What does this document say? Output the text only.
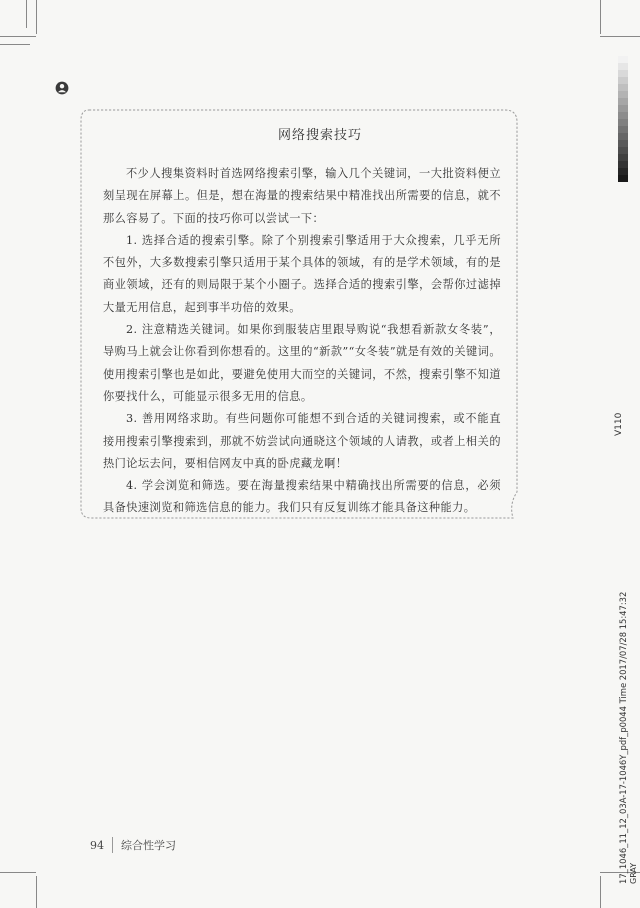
网络搜索技巧

不少人搜集资料时首选网络搜索引擎，输入几个关键词，一大批资料便立刻呈现在屏幕上。但是，想在海量的搜索结果中精准找出所需要的信息，就不那么容易了。下面的技巧你可以尝试一下：

1. 选择合适的搜索引擎。除了个别搜索引擎适用于大众搜索，几乎无所不包外，大多数搜索引擎只适用于某个具体的领域，有的是学术领域，有的是商业领域，还有的则局限于某个小圈子。选择合适的搜索引擎，会帮你过滤掉大量无用信息，起到事半功倍的效果。

2. 注意精选关键词。如果你到服装店里跟导购说“我想看新款女冬装”，导购马上就会让你看到你想看的。这里的“新款”“女冬装”就是有效的关键词。使用搜索引擎也是如此，要避免使用大而空的关键词，不然，搜索引擎不知道你要找什么，可能显示很多无用的信息。

3. 善用网络求助。有些问题你可能想不到合适的关键词搜索，或不能直接用搜索引擎搜索到，那就不妨尝试向通晓这个领域的人请教，或者上相关的热门论坛去问，要相信网友中真的卧虎藏龙啊！

4. 学会浏览和筛选。要在海量搜索结果中精确找出所需要的信息，必须具备快速浏览和筛选信息的能力。我们只有反复训练才能具备这种能力。

V110
17_1046_11_12_03A-17-1046Y_pdf_p0044 Time 2017/07/28 15:47:32 GRAY
94 综合性学习
